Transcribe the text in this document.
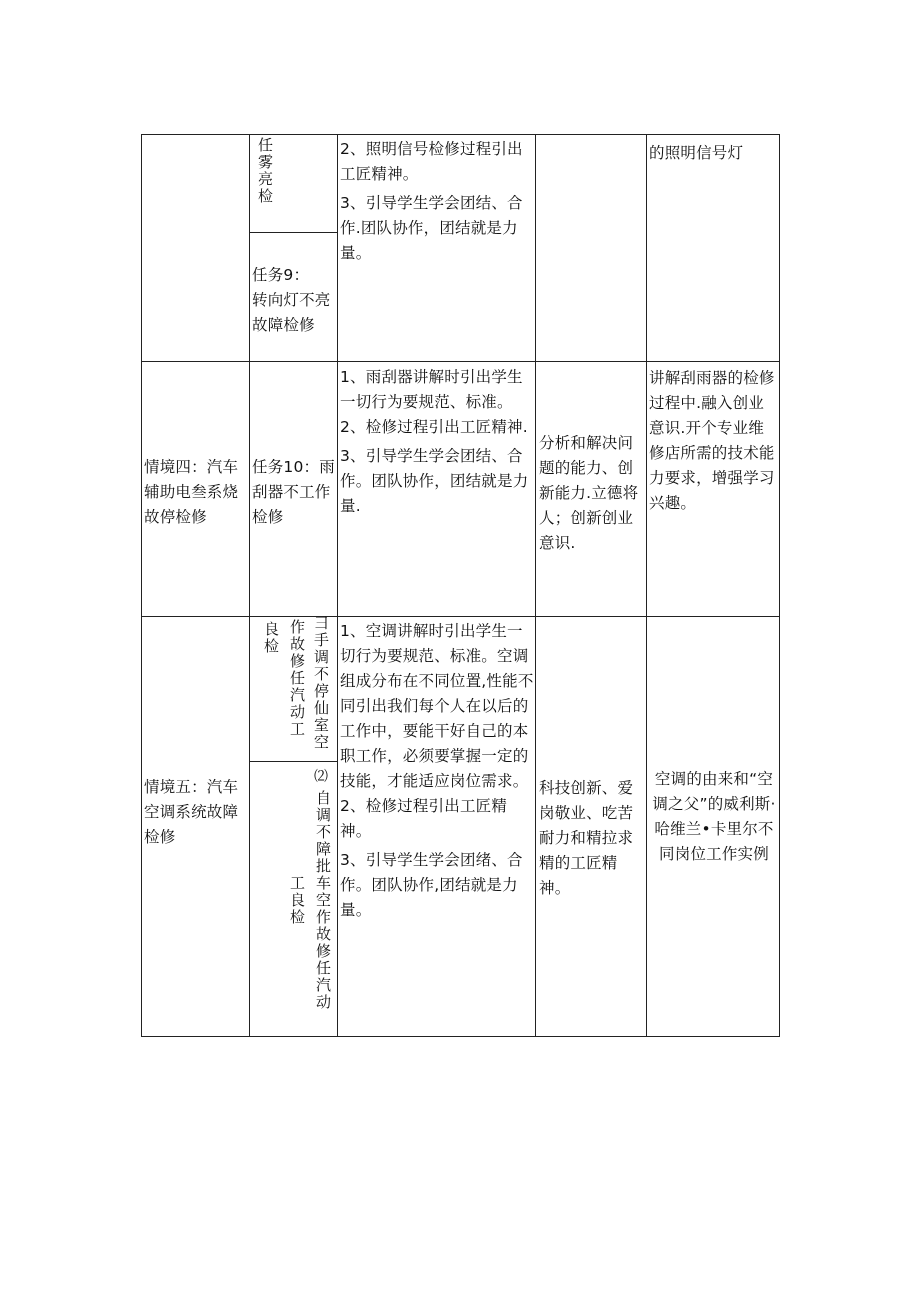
任雾亮检

任务9：

转向灯不亮

故障检修

2、照明信号检修过程引出工匠精神。

3、引导学生学会团结、合作.团队协作，团结就是力量。

的照明信号灯
情境四：汽车辅助电叁系烧故停检修
任务10：雨刮器不工作检修

1、雨刮器讲解时引出学生一切行为要规范、标准。

2、检修过程引出工匠精神.

3、引导学生学会团结、合作。团队协作，团结就是力量.

分析和解决问题的能力、创新能力.立德将人；创新创业意识.
讲解刮雨器的检修过程中.融入创业意识.开个专业维修店所需的技术能力要求，增强学习兴趣。
情境五：汽车空调系统故障检修
⺕手调不停仙室空
作故修任汽动工
良检
⑵
自调不障批车空作故修任汽动
工良检

1、空调讲解时引出学生一切行为要规范、标准。空调组成分布在不同位置,性能不同引出我们每个人在以后的工作中，要能干好自己的本职工作，必须要掌握一定的技能，才能适应岗位需求。

2、检修过程引出工匠精神。

3、引导学生学会团绪、合作。团队协作,团结就是力量。

科技创新、爱岗敬业、吃苦耐力和精拉求精的工匠精神。
空调的由来和“空调之父”的威利斯·哈维兰•卡里尔不同岗位工作实例
